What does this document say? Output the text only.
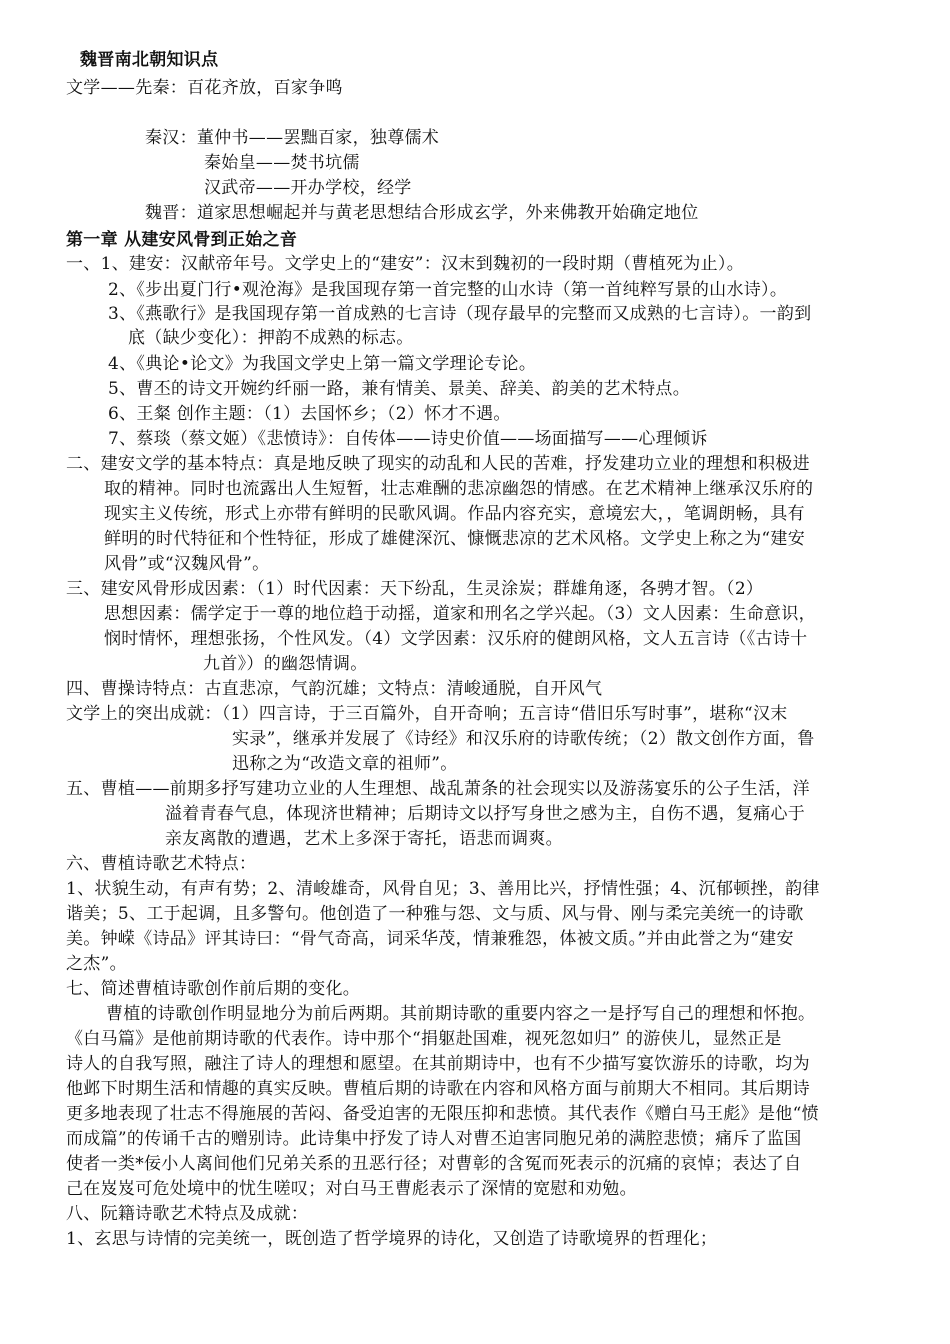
魏晋南北朝知识点
文学——先秦：百花齐放，百家争鸣
秦汉：董仲书——罢黜百家，独尊儒术
秦始皇——焚书坑儒
汉武帝——开办学校，经学
魏晋：道家思想崛起并与黄老思想结合形成玄学，外来佛教开始确定地位
第一章 从建安风骨到正始之音
一、1、建安：汉献帝年号。文学史上的“建安”：汉末到魏初的一段时期（曹植死为止）。
2、《步出夏门行•观沧海》是我国现存第一首完整的山水诗（第一首纯粹写景的山水诗）。
3、《燕歌行》是我国现存第一首成熟的七言诗（现存最早的完整而又成熟的七言诗）。一韵到
底（缺少变化）：押韵不成熟的标志。
4、《典论•论文》为我国文学史上第一篇文学理论专论。
5、曹丕的诗文开婉约纤丽一路，兼有情美、景美、辞美、韵美的艺术特点。
6、王粲 创作主题：（1）去国怀乡；（2）怀才不遇。
7、蔡琰（蔡文姬）《悲愤诗》：自传体——诗史价值——场面描写——心理倾诉
二、建安文学的基本特点：真是地反映了现实的动乱和人民的苦难，抒发建功立业的理想和积极进
取的精神。同时也流露出人生短暂，壮志难酬的悲凉幽怨的情感。在艺术精神上继承汉乐府的
现实主义传统，形式上亦带有鲜明的民歌风调。作品内容充实，意境宏大，，笔调朗畅，具有
鲜明的时代特征和个性特征，形成了雄健深沉、慷慨悲凉的艺术风格。文学史上称之为“建安
风骨”或“汉魏风骨”。
三、建安风骨形成因素：（1）时代因素：天下纷乱，生灵涂炭；群雄角逐，各骋才智。（2）
思想因素：儒学定于一尊的地位趋于动摇，道家和刑名之学兴起。（3）文人因素：生命意识，
悯时情怀，理想张扬，个性风发。（4）文学因素：汉乐府的健朗风格，文人五言诗（《古诗十
九首》）的幽怨情调。
四、曹操诗特点：古直悲凉，气韵沉雄；文特点：清峻通脱，自开风气
文学上的突出成就：（1）四言诗，于三百篇外，自开奇响；五言诗“借旧乐写时事”，堪称“汉末
实录”，继承并发展了《诗经》和汉乐府的诗歌传统；（2）散文创作方面，鲁
迅称之为“改造文章的祖师”。
五、曹植——前期多抒写建功立业的人生理想、战乱萧条的社会现实以及游荡宴乐的公子生活，洋
溢着青春气息，体现济世精神；后期诗文以抒写身世之感为主，自伤不遇，复痛心于
亲友离散的遭遇，艺术上多深于寄托，语悲而调爽。
六、曹植诗歌艺术特点：
1、状貌生动，有声有势；2、清峻雄奇，风骨自见；3、善用比兴，抒情性强；4、沉郁顿挫，韵律
谐美；5、工于起调，且多警句。他创造了一种雅与怨、文与质、风与骨、刚与柔完美统一的诗歌
美。钟嵘《诗品》评其诗曰：“骨气奇高，词采华茂，情兼雅怨，体被文质。”并由此誉之为“建安
之杰”。
七、简述曹植诗歌创作前后期的变化。
曹植的诗歌创作明显地分为前后两期。其前期诗歌的重要内容之一是抒写自己的理想和怀抱。
《白马篇》是他前期诗歌的代表作。诗中那个“捐躯赴国难，视死忽如归” 的游侠儿，显然正是
诗人的自我写照，融注了诗人的理想和愿望。在其前期诗中，也有不少描写宴饮游乐的诗歌，均为
他邺下时期生活和情趣的真实反映。曹植后期的诗歌在内容和风格方面与前期大不相同。其后期诗
更多地表现了壮志不得施展的苦闷、备受迫害的无限压抑和悲愤。其代表作《赠白马王彪》是他“愤
而成篇”的传诵千古的赠别诗。此诗集中抒发了诗人对曹丕迫害同胞兄弟的满腔悲愤；痛斥了监国
使者一类*佞小人离间他们兄弟关系的丑恶行径；对曹彰的含冤而死表示的沉痛的哀悼；表达了自
己在岌岌可危处境中的忧生嗟叹；对白马王曹彪表示了深情的宽慰和劝勉。
八、阮籍诗歌艺术特点及成就：
1、玄思与诗情的完美统一，既创造了哲学境界的诗化，又创造了诗歌境界的哲理化；
